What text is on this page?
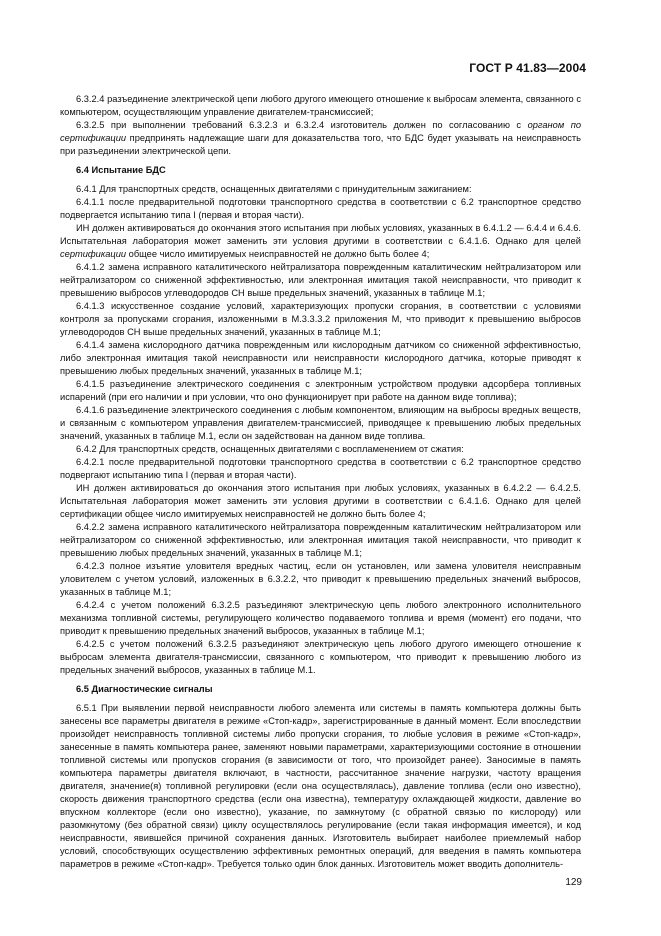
ГОСТ Р 41.83—2004

6.3.2.4 разъединение электрической цепи любого другого имеющего отношение к выбросам элемента, связанного с компьютером, осуществляющим управление двигателем-трансмиссией;

6.3.2.5 при выполнении требований 6.3.2.3 и 6.3.2.4 изготовитель должен по согласованию с органом по сертификации предпринять надлежащие шаги для доказательства того, что БДС будет указывать на неисправность при разъединении электрической цепи.

6.4 Испытание БДС

6.4.1 Для транспортных средств, оснащенных двигателями с принудительным зажиганием:

6.4.1.1 после предварительной подготовки транспортного средства в соответствии с 6.2 транспортное средство подвергается испытанию типа I (первая и вторая части).

ИН должен активироваться до окончания этого испытания при любых условиях, указанных в 6.4.1.2 — 6.4.4 и 6.4.6. Испытательная лаборатория может заменить эти условия другими в соответствии с 6.4.1.6. Однако для целей сертификации общее число имитируемых неисправностей не должно быть более 4;

6.4.1.2 замена исправного каталитического нейтрализатора поврежденным каталитическим нейтрализатором или нейтрализатором со сниженной эффективностью, или электронная имитация такой неисправности, что приводит к превышению выбросов углеводородов СН выше предельных значений, указанных в таблице М.1;

6.4.1.3 искусственное создание условий, характеризующих пропуски сгорания, в соответствии с условиями контроля за пропусками сгорания, изложенными в М.3.3.3.2 приложения М, что приводит к превышению выбросов углеводородов СН выше предельных значений, указанных в таблице М.1;

6.4.1.4 замена кислородного датчика поврежденным или кислородным датчиком со сниженной эффективностью, либо электронная имитация такой неисправности или неисправности кислородного датчика, которые приводят к превышению любых предельных значений, указанных в таблице М.1;

6.4.1.5 разъединение электрического соединения с электронным устройством продувки адсорбера топливных испарений (при его наличии и при условии, что оно функционирует при работе на данном виде топлива);

6.4.1.6 разъединение электрического соединения с любым компонентом, влияющим на выбросы вредных веществ, и связанным с компьютером управления двигателем-трансмиссией, приводящее к превышению любых предельных значений, указанных в таблице М.1, если он задействован на данном виде топлива.

6.4.2 Для транспортных средств, оснащенных двигателями с воспламенением от сжатия:

6.4.2.1 после предварительной подготовки транспортного средства в соответствии с 6.2 транспортное средство подвергают испытанию типа I (первая и вторая части).

ИН должен активироваться до окончания этого испытания при любых условиях, указанных в 6.4.2.2 — 6.4.2.5. Испытательная лаборатория может заменить эти условия другими в соответствии с 6.4.1.6. Однако для целей сертификации общее число имитируемых неисправностей не должно быть более 4;

6.4.2.2 замена исправного каталитического нейтрализатора поврежденным каталитическим нейтрализатором или нейтрализатором со сниженной эффективностью, или электронная имитация такой неисправности, что приводит к превышению любых предельных значений, указанных в таблице М.1;

6.4.2.3 полное изъятие уловителя вредных частиц, если он установлен, или замена уловителя неисправным уловителем с учетом условий, изложенных в 6.3.2.2, что приводит к превышению предельных значений выбросов, указанных в таблице М.1;

6.4.2.4 с учетом положений 6.3.2.5 разъединяют электрическую цепь любого электронного исполнительного механизма топливной системы, регулирующего количество подаваемого топлива и время (момент) его подачи, что приводит к превышению предельных значений выбросов, указанных в таблице М.1;

6.4.2.5 с учетом положений 6.3.2.5 разъединяют электрическую цепь любого другого имеющего отношение к выбросам элемента двигателя-трансмиссии, связанного с компьютером, что приводит к превышению любого из предельных значений выбросов, указанных в таблице М.1.

6.5 Диагностические сигналы

6.5.1 При выявлении первой неисправности любого элемента или системы в память компьютера должны быть занесены все параметры двигателя в режиме «Стоп-кадр», зарегистрированные в данный момент. Если впоследствии произойдет неисправность топливной системы либо пропуски сгорания, то любые условия в режиме «Стоп-кадр», занесенные в память компьютера ранее, заменяют новыми параметрами, характеризующими состояние в отношении топливной системы или пропусков сгорания (в зависимости от того, что произойдет ранее). Заносимые в память компьютера параметры двигателя включают, в частности, рассчитанное значение нагрузки, частоту вращения двигателя, значение(я) топливной регулировки (если она осуществлялась), давление топлива (если оно известно), скорость движения транспортного средства (если она известна), температуру охлаждающей жидкости, давление во впускном коллекторе (если оно известно), указание, по замкнутому (с обратной связью по кислороду) или разомкнутому (без обратной связи) циклу осуществлялось регулирование (если такая информация имеется), и код неисправности, явившейся причиной сохранения данных. Изготовитель выбирает наиболее приемлемый набор условий, способствующих осуществлению эффективных ремонтных операций, для введения в память компьютера параметров в режиме «Стоп-кадр». Требуется только один блок данных. Изготовитель может вводить дополнитель-

129
